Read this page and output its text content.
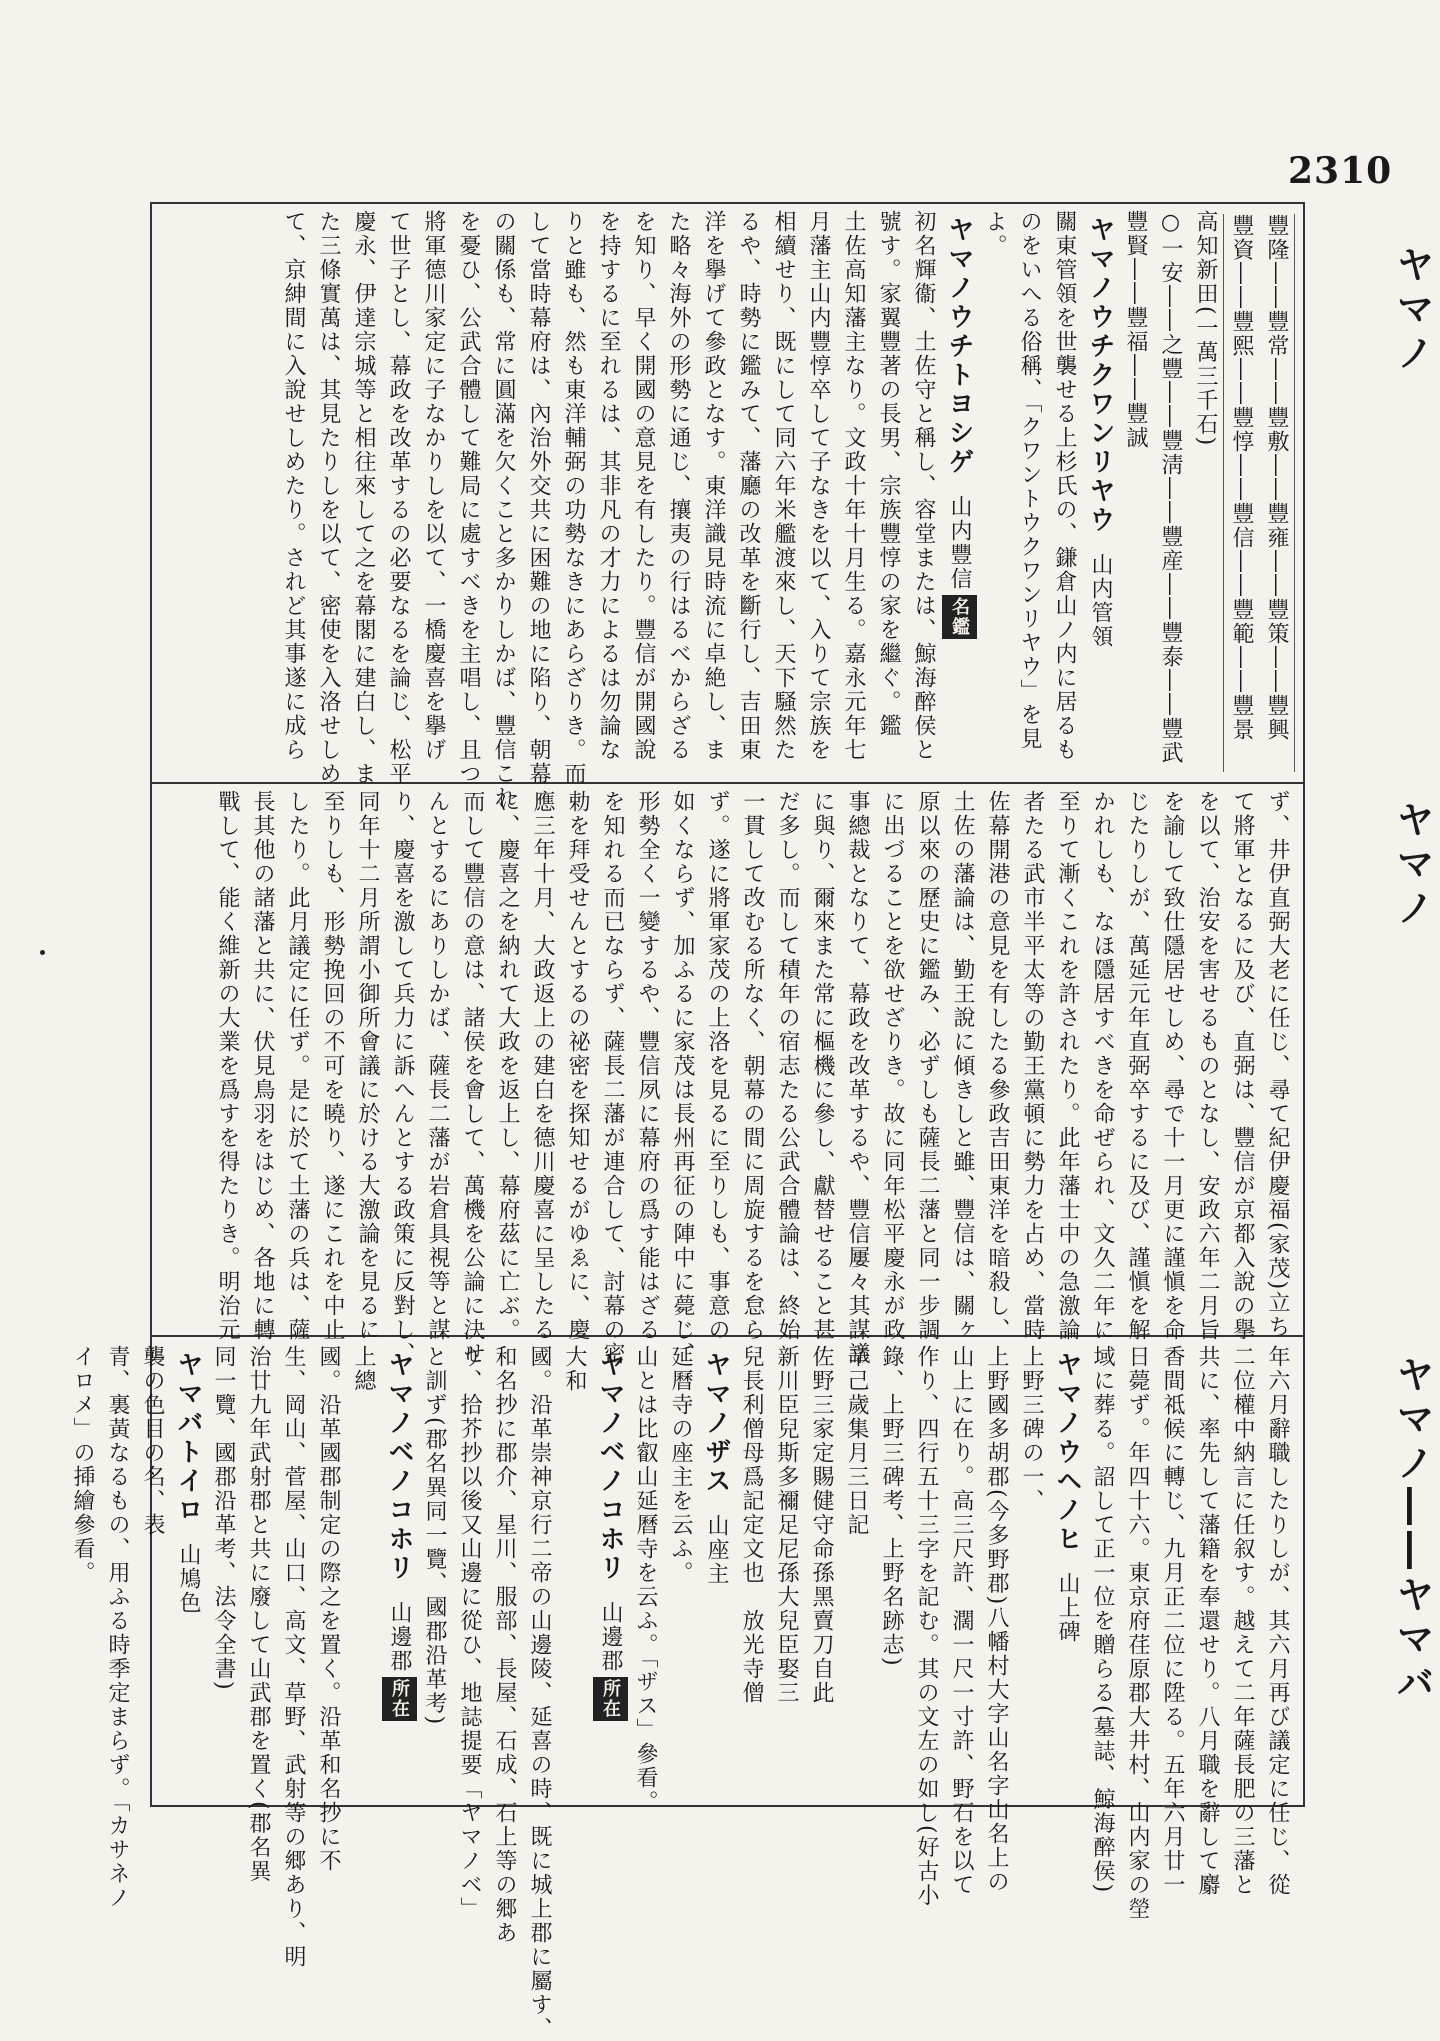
2310
ヤマノ
ヤマノ
ヤマノ――ヤマバ
豐隆――豐常――豐敷――豐雍――豐策――豐興
豐資――豐熙――豐惇――豐信――豐範――豐景
高知新田(一萬三千石)
○一安――之豐――豐淸――豐産――豐泰――豐武
豐賢――豐福――豐誠
ヤマノウチクワンリヤウ山内管領
關東管領を世襲せる上杉氏の、鎌倉山ノ内に居るも
のをいへる俗稱、「クワントウクワンリヤウ」を見
よ。
ヤマノウチトヨシゲ山内豐信名鑑
初名輝衞、土佐守と稱し、容堂または、鯨海醉侯と
號す。家翼豐著の長男、宗族豐惇の家を繼ぐ。鑑
土佐高知藩主なり。文政十年十月生る。嘉永元年七
月藩主山内豐惇卒して子なきを以て、入りて宗族を
相續せり、既にして同六年米艦渡來し、天下騒然た
るや、時勢に鑑みて、藩廳の改革を斷行し、吉田東
洋を擧げて參政となす。東洋識見時流に卓絶し、ま
た略々海外の形勢に通じ、攘夷の行はるべからざる
を知り、早く開國の意見を有したり。豐信が開國說
を持するに至れるは、其非凡の才力によるは勿論な
りと雖も、然も東洋輔弼の功勢なきにあらざりき。而
して當時幕府は、內治外交共に困難の地に陷り、朝幕
の關係も、常に圓滿を欠くこと多かりしかば、豐信これ
を憂ひ、公武合體して難局に處すべきを主唱し、且つ
將軍德川家定に子なかりしを以て、一橋慶喜を擧げ
て世子とし、幕政を改革するの必要なるを論じ、松平
慶永、伊達宗城等と相往來して之を幕閣に建白し、ま
た三條實萬は、其見たりしを以て、密使を入洛せしめ
て、京紳間に入說せしめたり。されど其事遂に成ら
ず、井伊直弼大老に任じ、尋て紀伊慶福(家茂)立ち
て將軍となるに及び、直弼は、豐信が京都入說の擧
を以て、治安を害せるものとなし、安政六年二月旨
を諭して致仕隱居せしめ、尋で十一月更に謹愼を命
じたりしが、萬延元年直弼卒するに及び、謹愼を解
かれしも、なほ隱居すべきを命ぜられ、文久二年に
至りて漸くこれを許されたり。此年藩士中の急激論
者たる武市半平太等の勤王黨頓に勢力を占め、當時
佐幕開港の意見を有したる參政吉田東洋を暗殺し、
土佐の藩論は、勤王說に傾きしと雖、豐信は、關ヶ
原以來の歷史に鑑み、必ずしも薩長二藩と同一步調
に出づることを欲せざりき。故に同年松平慶永が政
事總裁となりて、幕政を改革するや、豐信屢々其謀議
に與り、爾來また常に樞機に參し、獻替せること甚
だ多し。而して積年の宿志たる公武合體論は、終始
一貫して改むる所なく、朝幕の間に周旋するを怠ら
ず。遂に將軍家茂の上洛を見るに至りしも、事意の
如くならず、加ふるに家茂は長州再征の陣中に薨じ、
形勢全く一變するや、豐信夙に幕府の爲す能はざる
を知れる而已ならず、薩長二藩が連合して、討幕の密
勅を拜受せんとするの祕密を探知せるがゆゑに、慶
應三年十月、大政返上の建白を德川慶喜に呈したる
に、慶喜之を納れて大政を返上し、幕府茲に亡ぶ。
而して豐信の意は、諸侯を會して、萬機を公論に決せ
んとするにありしかば、薩長二藩が岩倉具視等と謀
り、慶喜を激して兵力に訴へんとする政策に反對し、
同年十二月所謂小御所會議に於ける大激論を見るに
至りしも、形勢挽回の不可を曉り、遂にこれを中止
したり。此月議定に任ず。是に於て土藩の兵は、薩
長其他の諸藩と共に、伏見鳥羽をはじめ、各地に轉
戰して、能く維新の大業を爲すを得たりき。明治元
年六月辭職したりしが、其六月再び議定に任じ、從
二位權中納言に任叙す。越えて二年薩長肥の三藩と
共に、率先して藩籍を奉還せり。八月職を辭して麝
香間祗候に轉じ、九月正二位に陞る。五年六月廿一
日薨ず。年四十六。東京府荏原郡大井村、山内家の塋
域に葬る。詔して正一位を贈らる(墓誌、鯨海醉侯)
ヤマノウヘノヒ山上碑
上野三碑の一、
上野國多胡郡(今多野郡)八幡村大字山名字山名上の
山上に在り。高三尺許、濶一尺一寸許、野石を以て
作り、四行五十三字を記む。其の文左の如し(好古小
錄、上野三碑考、上野名跡志)
辛己歲集月三日記
佐野三家定賜健守命孫黑賣刀自此
新川臣兒斯多禰足尼孫大兒臣娶三
兒長利僧母爲記定文也　放光寺僧
ヤマノザス山座主
延曆寺の座主を云ふ。
山とは比叡山延曆寺を云ふ。「ザス」參看。
ヤマノベノコホリ山邊郡所在
大和
國。沿革崇神京行二帝の山邊陵、延喜の時、既に城上郡に屬す、
和名抄に郡介、星川、服部、長屋、石成、石上等の郷あ
り、拾芥抄以後又山邊に從ひ、地誌提要「ヤマノベ」
と訓ず(郡名異同一覽、國郡沿革考)
ヤマノベノコホリ山邊郡所在
上總
國。沿革國郡制定の際之を置く。沿革和名抄に不
生、岡山、菅屋、山口、高文、草野、武射等の郷あり、明
治廿九年武射郡と共に廢して山武郡を置く(郡名異
同一覽、國郡沿革考、法令全書)
ヤマバトイロ山鳩色
襲の色目の名、表
青、裏黃なるもの、用ふる時季定まらず。「カサネノ
イロメ」の揷繪參看。
